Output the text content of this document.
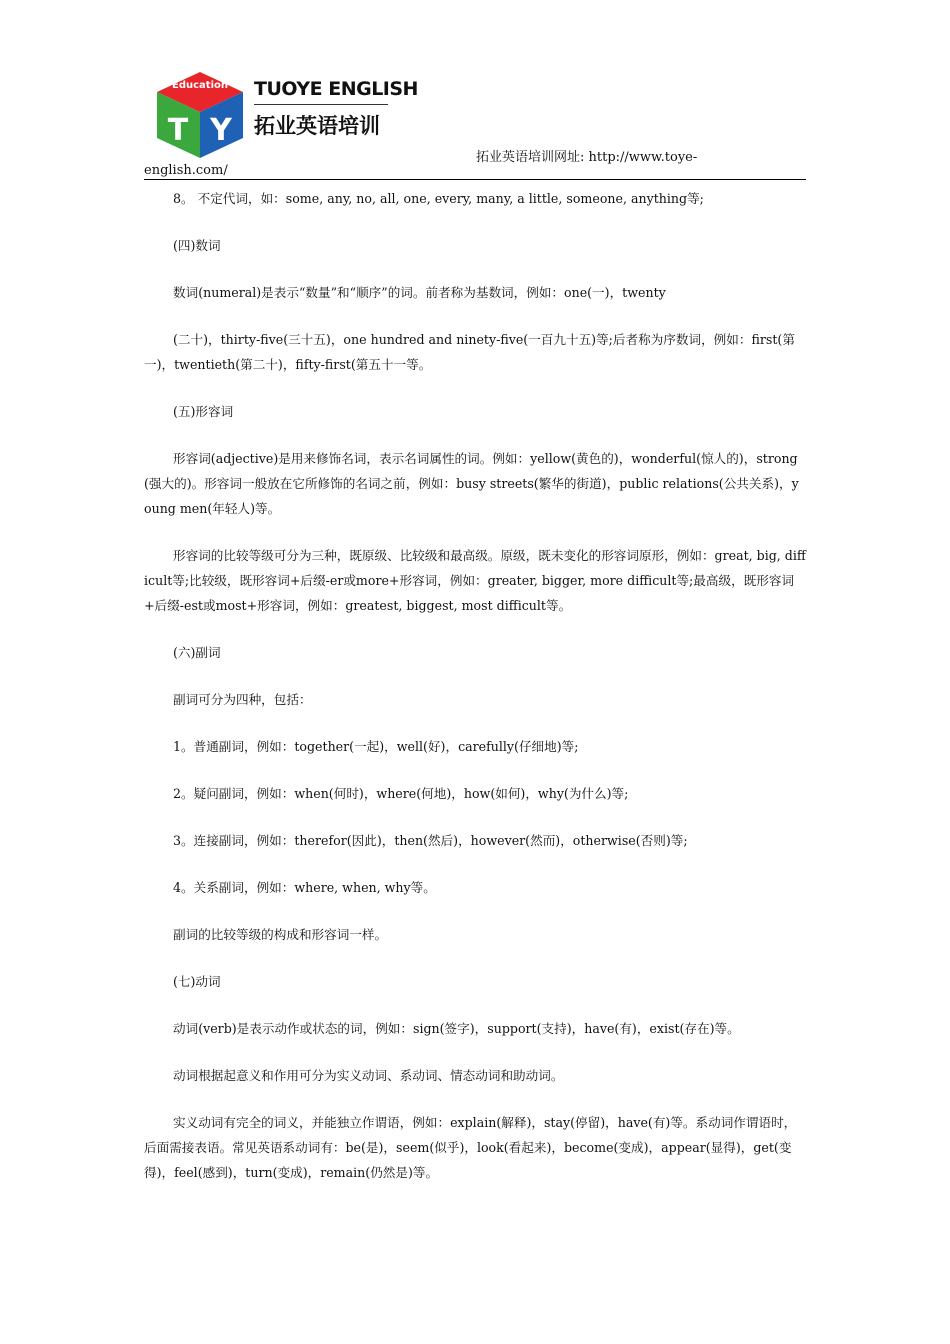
Education
T Y
TUOYE ENGLISH
拓业英语培训
拓业英语培训网址: http://www.toye-
english.com/

8。 不定代词，如：some, any, no, all, one, every, many, a little, someone, anything等;

(四)数词

数词(numeral)是表示“数量”和“顺序”的词。前者称为基数词，例如：one(一)，twenty

(二十)，thirty-five(三十五)，one hundred and ninety-five(一百九十五)等;后者称为序数词，例如：first(第一)，twentieth(第二十)，fifty-first(第五十一等。

(五)形容词

形容词(adjective)是用来修饰名词，表示名词属性的词。例如：yellow(黄色的)，wonderful(惊人的)，strong(强大的)。形容词一般放在它所修饰的名词之前，例如：busy streets(繁华的街道)，public relations(公共关系)，young men(年轻人)等。

形容词的比较等级可分为三种，既原级、比较级和最高级。原级，既未变化的形容词原形，例如：great, big, difficult等;比较级，既形容词+后缀-er或more+形容词，例如：greater, bigger, more difficult等;最高级，既形容词+后缀-est或most+形容词，例如：greatest, biggest, most difficult等。

(六)副词

副词可分为四种，包括：

1。普通副词，例如：together(一起)，well(好)，carefully(仔细地)等;

2。疑问副词，例如：when(何时)，where(何地)，how(如何)，why(为什么)等;

3。连接副词，例如：therefor(因此)，then(然后)，however(然而)，otherwise(否则)等;

4。关系副词，例如：where, when, why等。

副词的比较等级的构成和形容词一样。

(七)动词

动词(verb)是表示动作或状态的词，例如：sign(签字)，support(支持)，have(有)，exist(存在)等。

动词根据起意义和作用可分为实义动词、系动词、情态动词和助动词。

实义动词有完全的词义，并能独立作谓语，例如：explain(解释)，stay(停留)，have(有)等。系动词作谓语时，后面需接表语。常见英语系动词有：be(是)，seem(似乎)，look(看起来)，become(变成)，appear(显得)，get(变得)，feel(感到)，turn(变成)，remain(仍然是)等。
